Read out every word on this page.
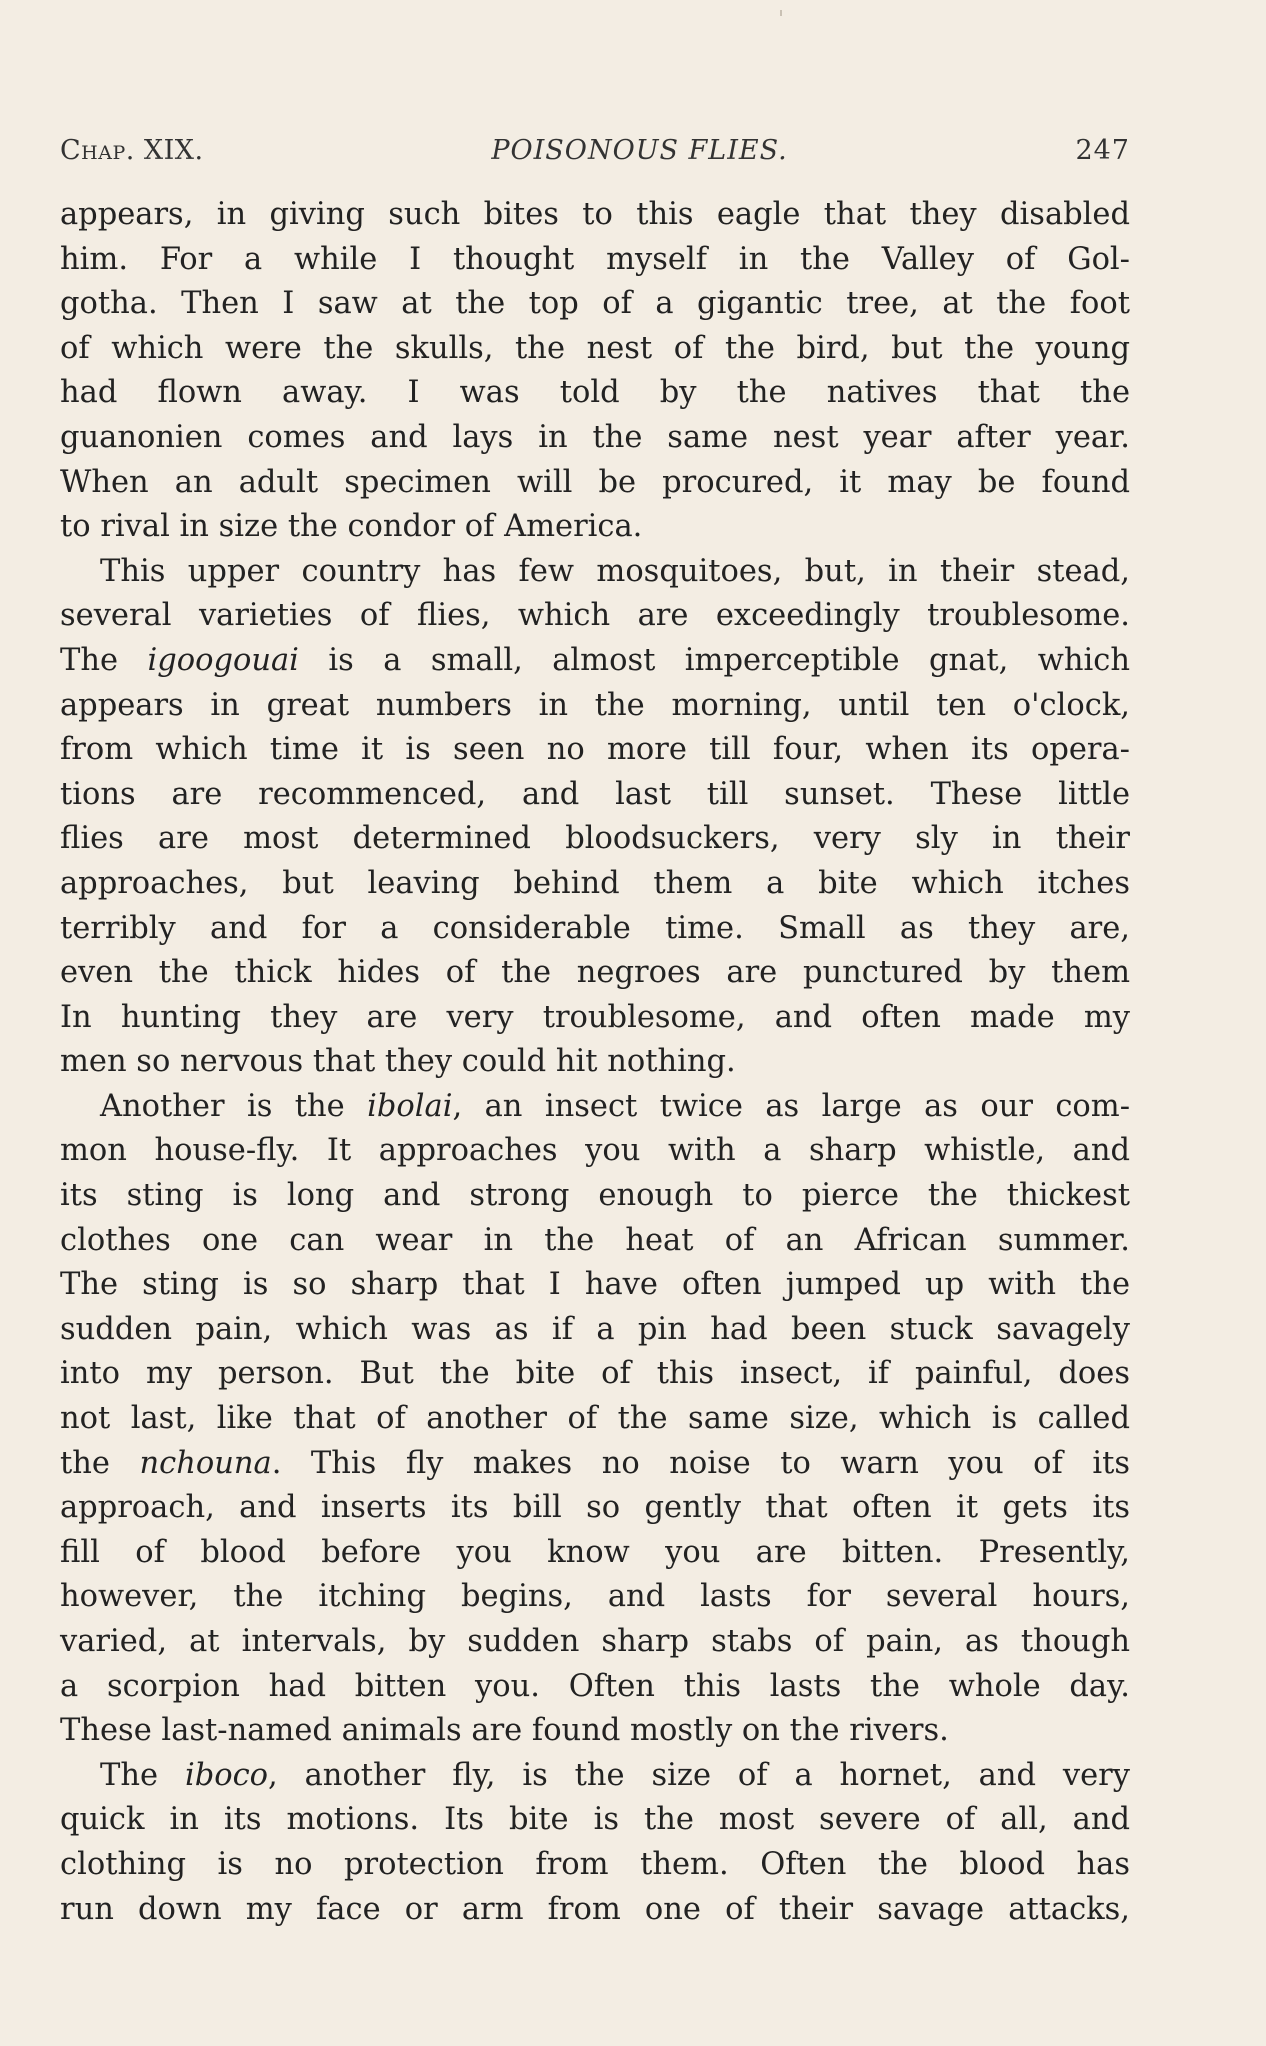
Chap. XIX.	POISONOUS FLIES.	247

appears, in giving such bites to this eagle that they disabled
him. For a while I thought myself in the Valley of Gol-
gotha. Then I saw at the top of a gigantic tree, at the foot
of which were the skulls, the nest of the bird, but the young
had flown away. I was told by the natives that the
guanonien comes and lays in the same nest year after year.
When an adult specimen will be procured, it may be found
to rival in size the condor of America.

This upper country has few mosquitoes, but, in their stead,
several varieties of flies, which are exceedingly troublesome.
The igoogouai is a small, almost imperceptible gnat, which
appears in great numbers in the morning, until ten o'clock,
from which time it is seen no more till four, when its opera-
tions are recommenced, and last till sunset. These little
flies are most determined bloodsuckers, very sly in their
approaches, but leaving behind them a bite which itches
terribly and for a considerable time. Small as they are,
even the thick hides of the negroes are punctured by them
In hunting they are very troublesome, and often made my
men so nervous that they could hit nothing.

Another is the ibolai, an insect twice as large as our com-
mon house-fly. It approaches you with a sharp whistle, and
its sting is long and strong enough to pierce the thickest
clothes one can wear in the heat of an African summer.
The sting is so sharp that I have often jumped up with the
sudden pain, which was as if a pin had been stuck savagely
into my person. But the bite of this insect, if painful, does
not last, like that of another of the same size, which is called
the nchouna. This fly makes no noise to warn you of its
approach, and inserts its bill so gently that often it gets its
fill of blood before you know you are bitten. Presently,
however, the itching begins, and lasts for several hours,
varied, at intervals, by sudden sharp stabs of pain, as though
a scorpion had bitten you. Often this lasts the whole day.
These last-named animals are found mostly on the rivers.

The iboco, another fly, is the size of a hornet, and very
quick in its motions. Its bite is the most severe of all, and
clothing is no protection from them. Often the blood has
run down my face or arm from one of their savage attacks,
